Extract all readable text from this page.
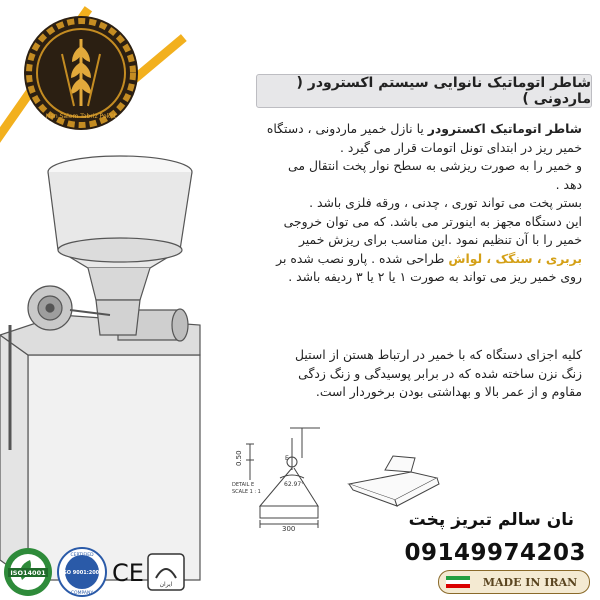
Nan Salem Tabriz Pokht
شاطر اتوماتیک نانوایی سیستم اکسترودر ( ماردونی )
شاطر اتوماتیک اکسترودر یا نازل خمیر ماردونی ، دستگاه
خمیر ریز در ابتدای تونل اتومات قرار می گیرد .
و خمیر را به صورت ریزشی به سطح نوار پخت انتقال می
دهد .
بستر پخت می تواند توری ، چدنی ، ورقه فلزی باشد .
این دستگاه مجهز به اینورتر می باشد. که می توان خروجی
خمیر را با آن تنظیم نمود .این مناسب برای ریزش خمیر
بربری ، سنگک ، لواش طراحی شده . پارو نصب شده بر
روی خمیر ریز می تواند به صورت ۱ یا ۲ یا ۳ ردیفه باشد .
کلیه اجزای دستگاه که با خمیر در ارتباط هستن از استیل
زنگ نزن ساخته شده که در برابر پوسیدگی و زنگ زدگی
مقاوم و از عمر بالا و بهداشتی بودن برخوردار است.
E
0.50
62.97°
300
DETAIL E
SCALE 1 : 1
نان سالم تبریز پخت
09149974203
MADE IN IRAN
ISO14001
CERTIFIED
ISO 9001:2008
COMPANY
CE	ایران
